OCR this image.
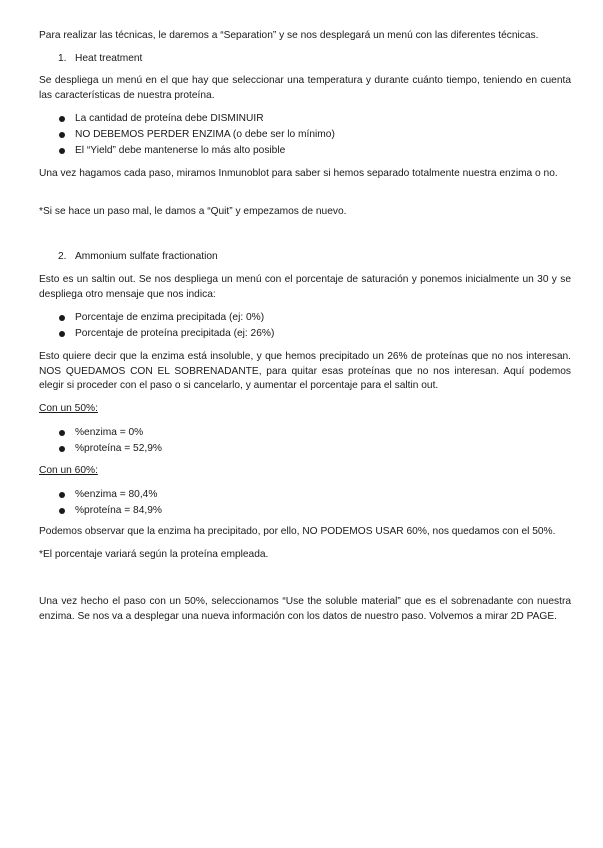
Para realizar las técnicas, le daremos a “Separation” y se nos desplegará un menú con las diferentes técnicas.

1. Heat treatment

Se despliega un menú en el que hay que seleccionar una temperatura y durante cuánto tiempo, teniendo en cuenta las características de nuestra proteína.

La cantidad de proteína debe DISMINUIR
NO DEBEMOS PERDER ENZIMA (o debe ser lo mínimo)
El “Yield” debe mantenerse lo más alto posible

Una vez hagamos cada paso, miramos Inmunoblot para saber si hemos separado totalmente nuestra enzima o no.

*Si se hace un paso mal, le damos a “Quit” y empezamos de nuevo.

2. Ammonium sulfate fractionation

Esto es un saltin out. Se nos despliega un menú con el porcentaje de saturación y ponemos inicialmente un 30 y se despliega otro mensaje que nos indica:

Porcentaje de enzima precipitada (ej: 0%)
Porcentaje de proteína precipitada (ej: 26%)

Esto quiere decir que la enzima está insoluble, y que hemos precipitado un 26% de proteínas que no nos interesan. NOS QUEDAMOS CON EL SOBRENADANTE, para quitar esas proteínas que no nos interesan. Aquí podemos elegir si proceder con el paso o si cancelarlo, y aumentar el porcentaje para el saltin out.

Con un 50%:
%enzima = 0%
%proteína = 52,9%
Con un 60%:
%enzima = 80,4%
%proteína = 84,9%

Podemos observar que la enzima ha precipitado, por ello, NO PODEMOS USAR 60%, nos quedamos con el 50%.

*El porcentaje variará según la proteína empleada.

Una vez hecho el paso con un 50%, seleccionamos “Use the soluble material” que es el sobrenadante con nuestra enzima. Se nos va a desplegar una nueva información con los datos de nuestro paso. Volvemos a mirar 2D PAGE.
